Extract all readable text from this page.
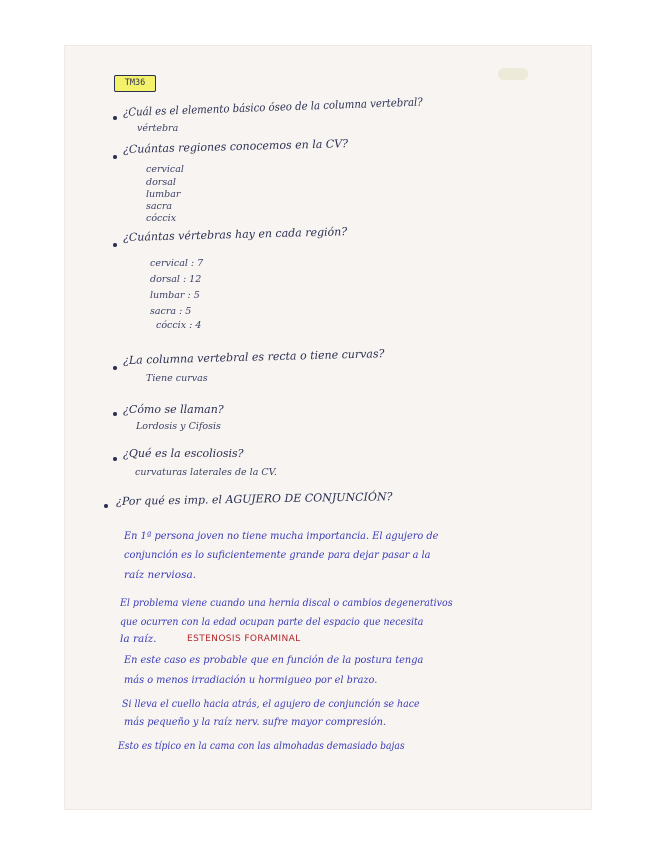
TM36
¿Cuál es el elemento básico óseo de la columna vertebral?
vértebra
¿Cuántas regiones conocemos en la CV?
cervical
dorsal
lumbar
sacra
cóccix
¿Cuántas vértebras hay en cada región?
cervical : 7
dorsal : 12
lumbar : 5
sacra : 5
cóccix : 4
¿La columna vertebral es recta o tiene curvas?
Tiene curvas
¿Cómo se llaman?
Lordosis y Cifosis
¿Qué es la escoliosis?
curvaturas laterales de la CV.
¿Por qué es imp. el AGUJERO DE CONJUNCIÓN?
En 1ª persona joven no tiene mucha importancia. El agujero de
conjunción es lo suficientemente grande para dejar pasar a la
raíz nerviosa.
El problema viene cuando una hernia discal o cambios degenerativos
que ocurren con la edad ocupan parte del espacio que necesita
la raíz.	ESTENOSIS FORAMINAL
En este caso es probable que en función de la postura tenga
más o menos irradiación u hormigueo por el brazo.
Si lleva el cuello hacia atrás, el agujero de conjunción se hace
más pequeño y la raíz nerv. sufre mayor compresión.
Esto es típico en la cama con las almohadas demasiado bajas
